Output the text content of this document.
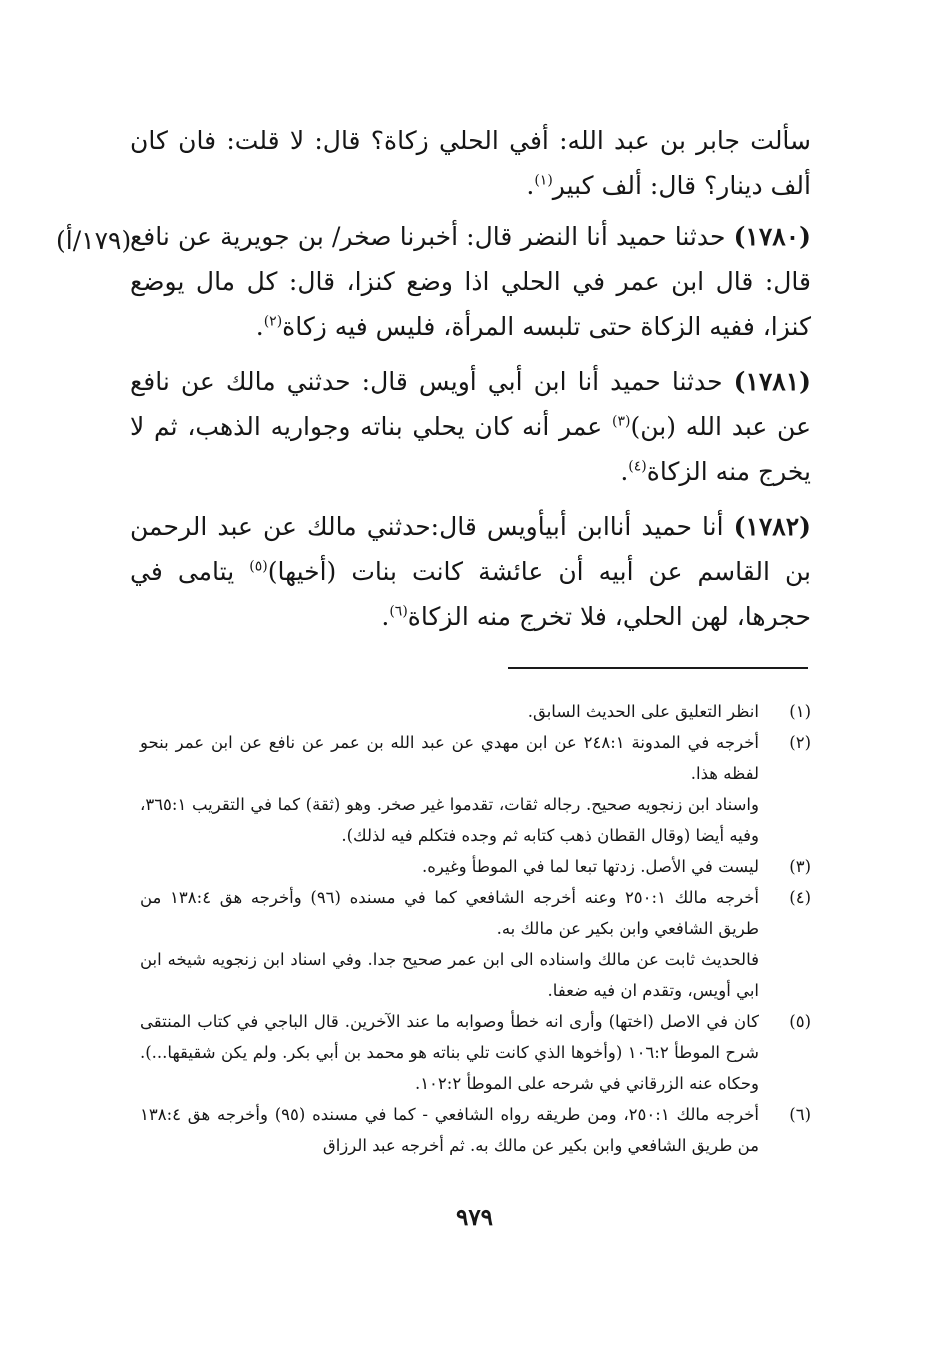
سألت جابر بن عبد الله: أفي الحلي زكاة؟ قال: لا قلت: فان كان ألف دينار؟ قال: ألف كبير$^{(١)}$.

(١٧٨٠) حدثنا حميد أنا النضر قال: أخبرنا صخر/ بن جويرية عن نافع قال: قال ابن عمر في الحلي اذا وضع كنزا، قال: كل مال يوضع كنزا، ففيه الزكاة حتى تلبسه المرأة، فليس فيه زكاة$^{(٢)}$.

(١٧٨١) حدثنا حميد أنا ابن أبي أويس قال: حدثني مالك عن نافع عن عبد الله (بن)$^{(٣)}$ عمر أنه كان يحلي بناته وجواريه الذهب، ثم لا يخرج منه الزكاة$^{(٤)}$.

(١٧٨٢) أنا حميد أناابن أبيأويس قال:حدثني مالك عن عبد الرحمن بن القاسم عن أبيه أن عائشة كانت بنات (أخيها)$^{(٥)}$ يتامى في حجرها، لهن الحلي، فلا تخرج منه الزكاة$^{(٦)}$.

(١٧٩/أ)
(١)

انظر التعليق على الحديث السابق.

(٢)

أخرجه في المدونة ٢٤٨:١ عن ابن مهدي عن عبد الله بن عمر عن نافع عن ابن عمر بنحو لفظه هذا.

واسناد ابن زنجويه صحيح. رجاله ثقات، تقدموا غير صخر. وهو (ثقة) كما في التقريب ٣٦٥:١، وفيه أيضا (وقال القطان ذهب كتابه ثم وجده فتكلم فيه لذلك).

(٣)

ليست في الأصل. زدتها تبعا لما في الموطأ وغيره.

(٤)

أخرجه مالك ٢٥٠:١ وعنه أخرجه الشافعي كما في مسنده (٩٦) وأخرجه هق ١٣٨:٤ من طريق الشافعي وابن بكير عن مالك به.

فالحديث ثابت عن مالك واسناده الى ابن عمر صحيح جدا. وفي اسناد ابن زنجويه شيخه ابن ابي أويس، وتقدم ان فيه ضعفا.

(٥)

كان في الاصل (اختها) وأرى انه خطأ وصوابه ما عند الآخرين. قال الباجي في كتاب المنتقى شرح الموطأ ١٠٦:٢ (وأخوها الذي كانت تلي بناته هو محمد بن أبي بكر. ولم يكن شقيقها...). وحكاه عنه الزرقاني في شرحه على الموطأ ١٠٢:٢.

(٦)

أخرجه مالك ٢٥٠:١، ومن طريقه رواه الشافعي - كما في مسنده (٩٥) وأخرجه هق ١٣٨:٤ من طريق الشافعي وابن بكير عن مالك به. ثم أخرجه عبد الرزاق

٩٧٩
